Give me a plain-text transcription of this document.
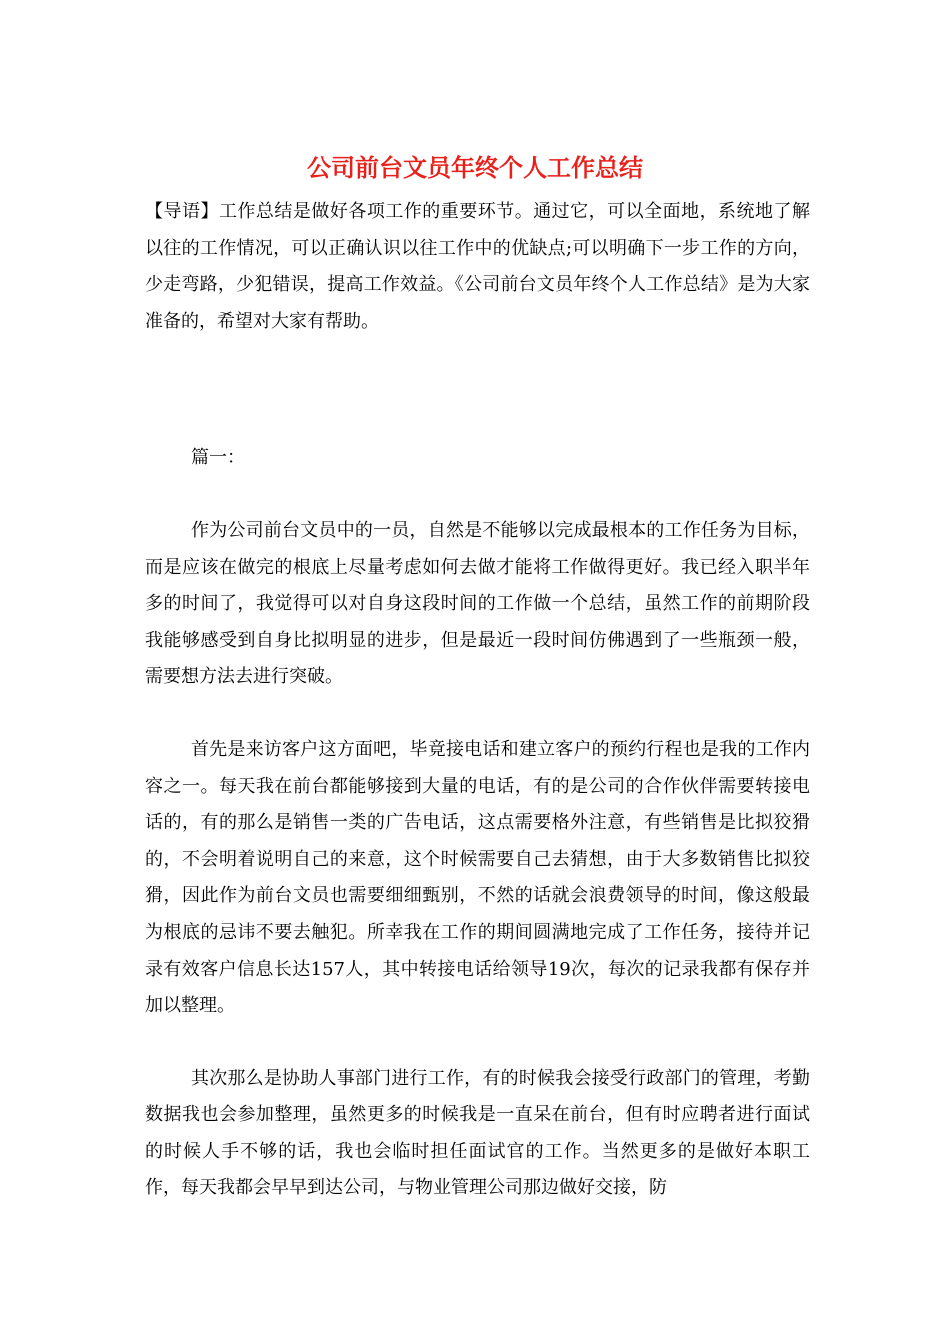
公司前台文员年终个人工作总结

【导语】工作总结是做好各项工作的重要环节。通过它，可以全面地，系统地了解以往的工作情况，可以正确认识以往工作中的优缺点;可以明确下一步工作的方向，少走弯路，少犯错误，提高工作效益。《公司前台文员年终个人工作总结》是为大家准备的，希望对大家有帮助。

篇一：

作为公司前台文员中的一员，自然是不能够以完成最根本的工作任务为目标，而是应该在做完的根底上尽量考虑如何去做才能将工作做得更好。我已经入职半年多的时间了，我觉得可以对自身这段时间的工作做一个总结，虽然工作的前期阶段我能够感受到自身比拟明显的进步，但是最近一段时间仿佛遇到了一些瓶颈一般，需要想方法去进行突破。

首先是来访客户这方面吧，毕竟接电话和建立客户的预约行程也是我的工作内容之一。每天我在前台都能够接到大量的电话，有的是公司的合作伙伴需要转接电话的，有的那么是销售一类的广告电话，这点需要格外注意，有些销售是比拟狡猾的，不会明着说明自己的来意，这个时候需要自己去猜想，由于大多数销售比拟狡猾，因此作为前台文员也需要细细甄别，不然的话就会浪费领导的时间，像这般最为根底的忌讳不要去触犯。所幸我在工作的期间圆满地完成了工作任务，接待并记录有效客户信息长达157人，其中转接电话给领导19次，每次的记录我都有保存并加以整理。

其次那么是协助人事部门进行工作，有的时候我会接受行政部门的管理，考勤数据我也会参加整理，虽然更多的时候我是一直呆在前台，但有时应聘者进行面试的时候人手不够的话，我也会临时担任面试官的工作。当然更多的是做好本职工作，每天我都会早早到达公司，与物业管理公司那边做好交接，防
